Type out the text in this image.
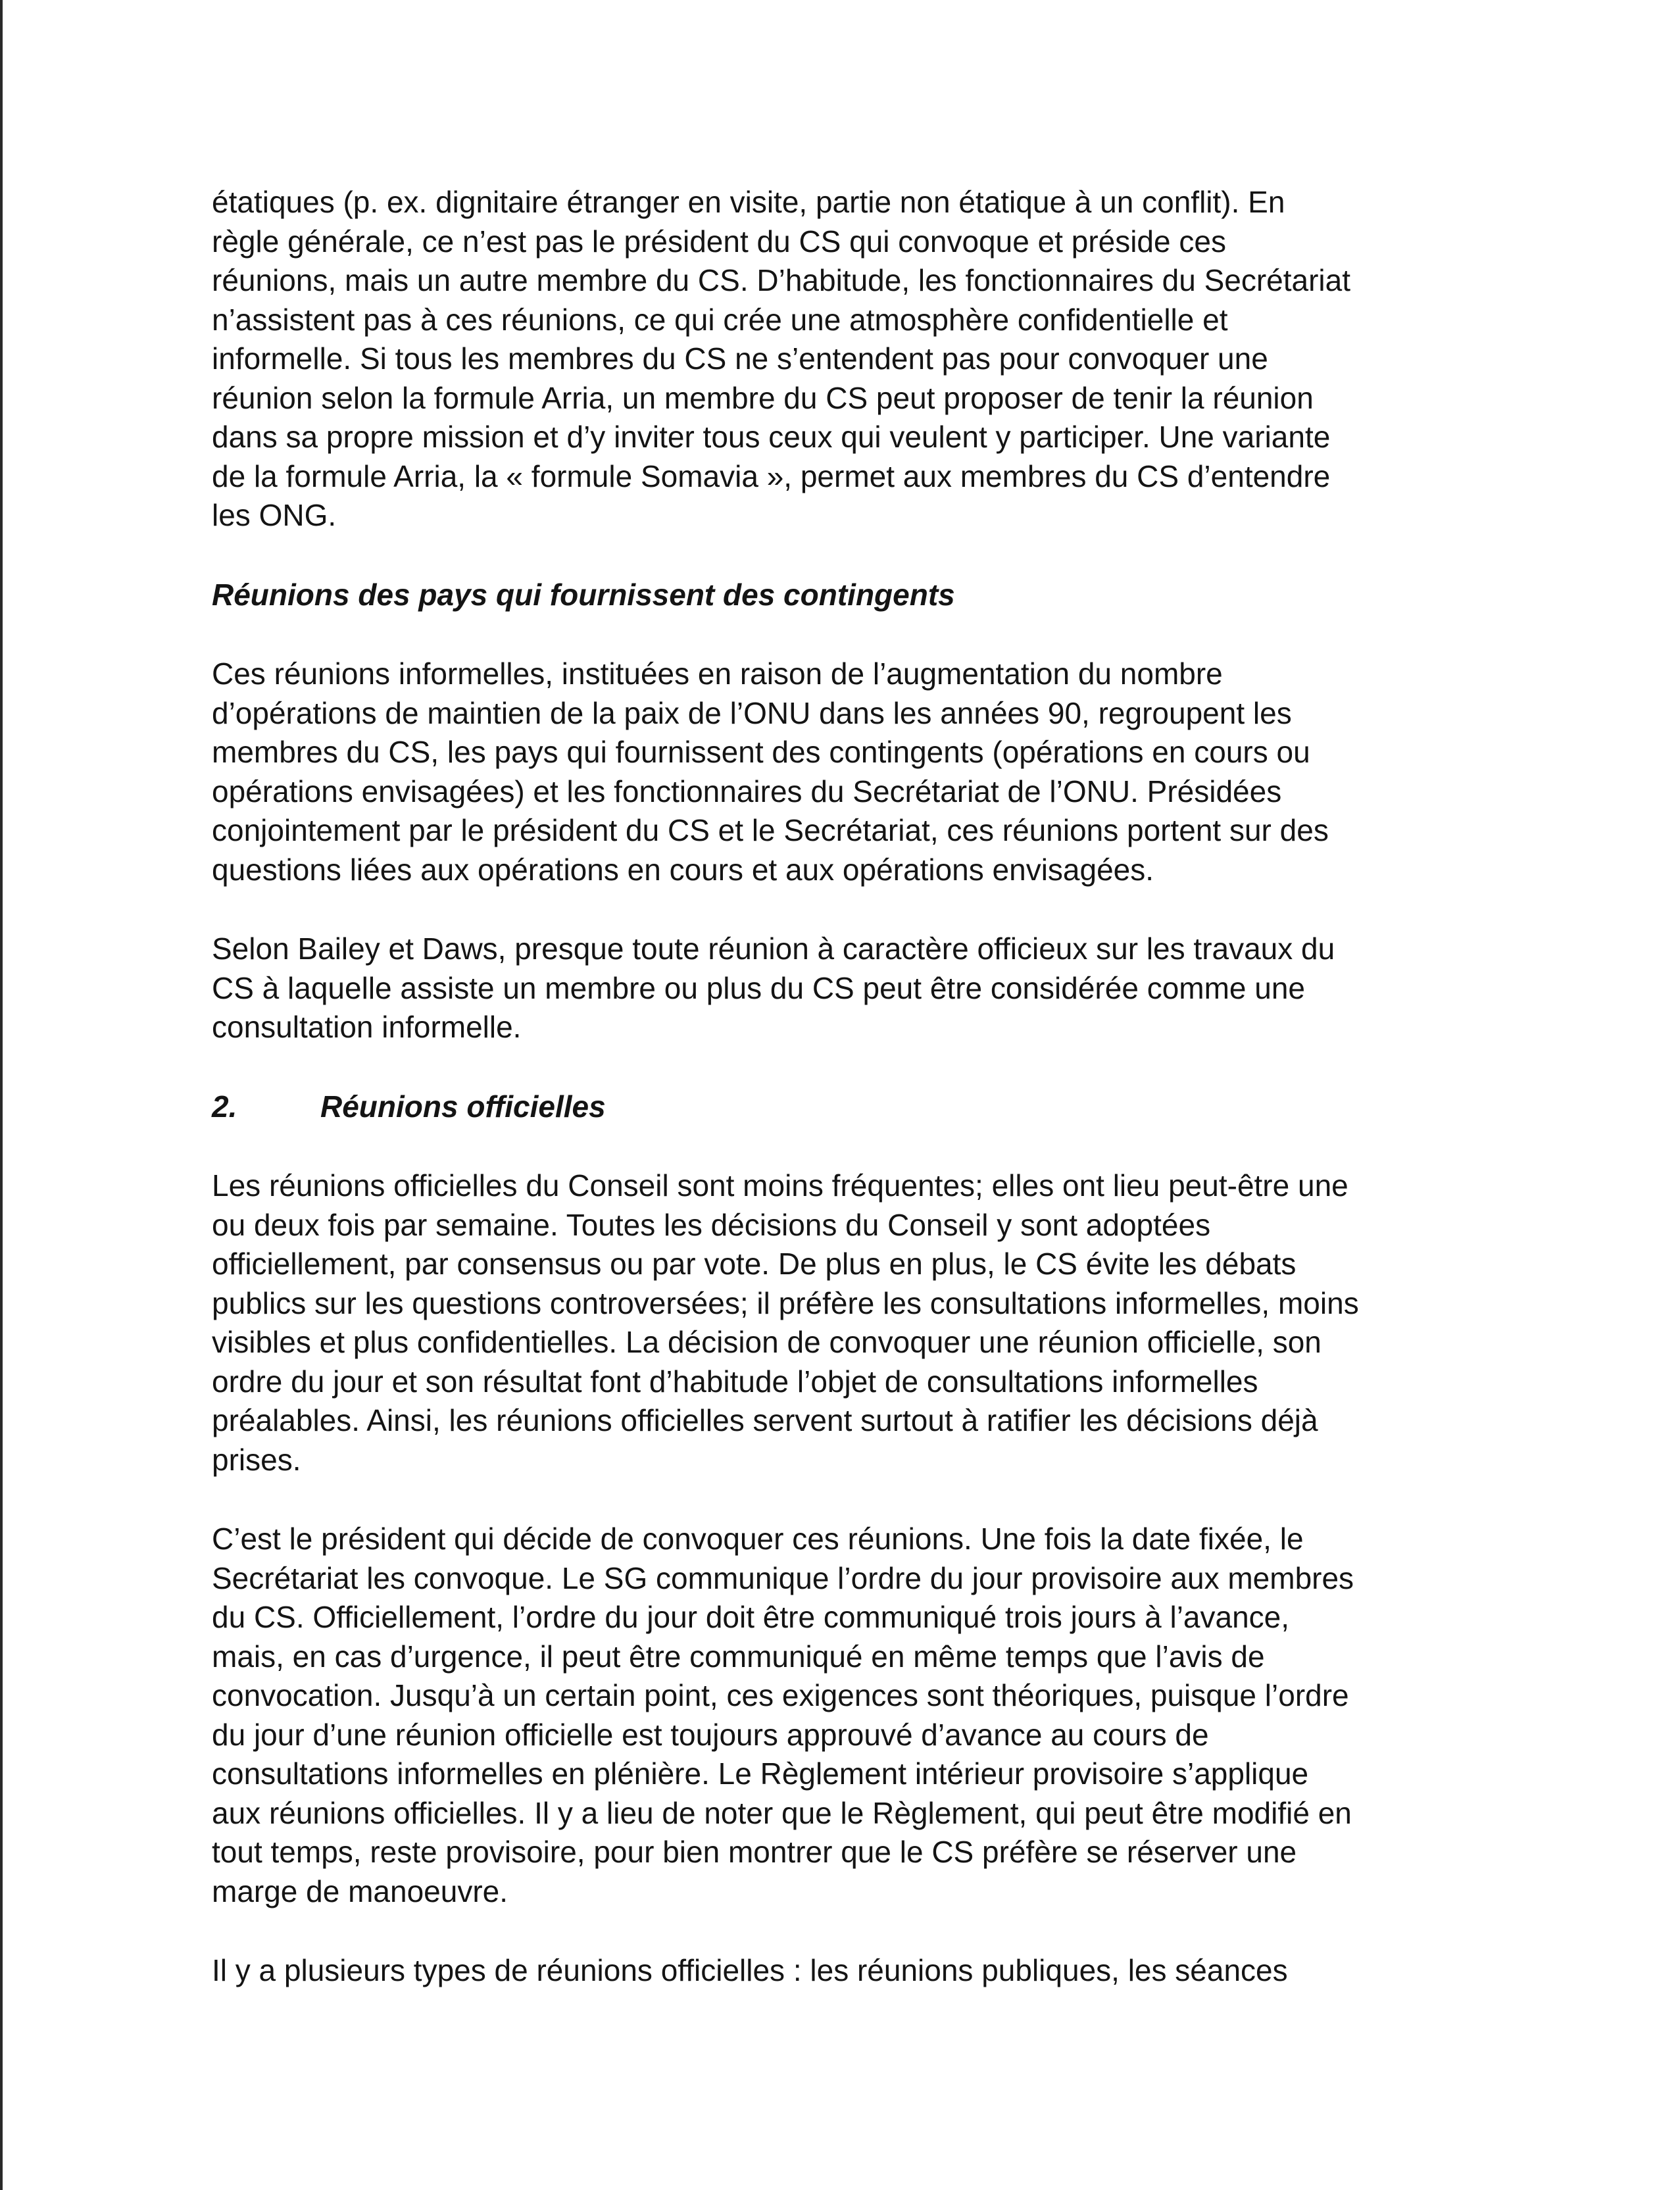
étatiques (p. ex. dignitaire étranger en visite, partie non étatique à un conflit). En
règle générale, ce n’est pas le président du CS qui convoque et préside ces
réunions, mais un autre membre du CS. D’habitude, les fonctionnaires du Secrétariat
n’assistent pas à ces réunions, ce qui crée une atmosphère confidentielle et
informelle. Si tous les membres du CS ne s’entendent pas pour convoquer une
réunion selon la formule Arria, un membre du CS peut proposer de tenir la réunion
dans sa propre mission et d’y inviter tous ceux qui veulent y participer. Une variante
de la formule Arria, la « formule Somavia », permet aux membres du CS d’entendre
les ONG.

Réunions des pays qui fournissent des contingents

Ces réunions informelles, instituées en raison de l’augmentation du nombre
d’opérations de maintien de la paix de l’ONU dans les années 90, regroupent les
membres du CS, les pays qui fournissent des contingents (opérations en cours ou
opérations envisagées) et les fonctionnaires du Secrétariat de l’ONU. Présidées
conjointement par le président du CS et le Secrétariat, ces réunions portent sur des
questions liées aux opérations en cours et aux opérations envisagées.

Selon Bailey et Daws, presque toute réunion à caractère officieux sur les travaux du
CS à laquelle assiste un membre ou plus du CS peut être considérée comme une
consultation informelle.

2.	Réunions officielles

Les réunions officielles du Conseil sont moins fréquentes; elles ont lieu peut-être une
ou deux fois par semaine. Toutes les décisions du Conseil y sont adoptées
officiellement, par consensus ou par vote. De plus en plus, le CS évite les débats
publics sur les questions controversées; il préfère les consultations informelles, moins
visibles et plus confidentielles. La décision de convoquer une réunion officielle, son
ordre du jour et son résultat font d’habitude l’objet de consultations informelles
préalables. Ainsi, les réunions officielles servent surtout à ratifier les décisions déjà
prises.

C’est le président qui décide de convoquer ces réunions. Une fois la date fixée, le
Secrétariat les convoque. Le SG communique l’ordre du jour provisoire aux membres
du CS. Officiellement, l’ordre du jour doit être communiqué trois jours à l’avance,
mais, en cas d’urgence, il peut être communiqué en même temps que l’avis de
convocation. Jusqu’à un certain point, ces exigences sont théoriques, puisque l’ordre
du jour d’une réunion officielle est toujours approuvé d’avance au cours de
consultations informelles en plénière. Le Règlement intérieur provisoire s’applique
aux réunions officielles. Il y a lieu de noter que le Règlement, qui peut être modifié en
tout temps, reste provisoire, pour bien montrer que le CS préfère se réserver une
marge de manoeuvre.

Il y a plusieurs types de réunions officielles : les réunions publiques, les séances
